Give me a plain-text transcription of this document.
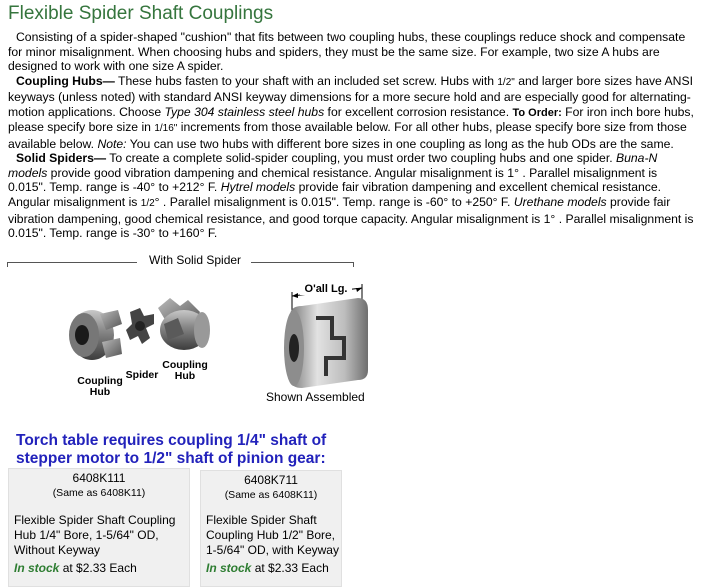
Flexible Spider Shaft Couplings

Consisting of a spider-shaped "cushion" that fits between two coupling hubs, these couplings reduce shock and compensate for minor misalignment. When choosing hubs and spiders, they must be the same size. For example, two size A hubs are designed to work with one size A spider.

Coupling Hubs— These hubs fasten to your shaft with an included set screw. Hubs with 1/2" and larger bore sizes have ANSI keyways (unless noted) with standard ANSI keyway dimensions for a more secure hold and are especially good for alternating-motion applications. Choose Type 304 stainless steel hubs for excellent corrosion resistance. To Order: For iron inch bore hubs, please specify bore size in 1/16" increments from those available below. For all other hubs, please specify bore size from those available below. Note: You can use two hubs with different bore sizes in one coupling as long as the hub ODs are the same.

Solid Spiders— To create a complete solid-spider coupling, you must order two coupling hubs and one spider. Buna-N models provide good vibration dampening and chemical resistance. Angular misalignment is 1° . Parallel misalignment is 0.015". Temp. range is -40° to +212° F. Hytrel models provide fair vibration dampening and excellent chemical resistance. Angular misalignment is 1/2° . Parallel misalignment is 0.015". Temp. range is -60° to +250° F. Urethane models provide fair vibration dampening, good chemical resistance, and good torque capacity. Angular misalignment is 1° . Parallel misalignment is 0.015". Temp. range is -30° to +160° F.

With Solid Spider
Coupling Hub
Spider
Coupling Hub
O'all Lg.
Shown Assembled
Torch table requires coupling 1/4" shaft of
stepper motor to 1/2" shaft of pinion gear:
6408K111
(Same as 6408K11)
Flexible Spider Shaft Coupling Hub 1/4" Bore, 1-5/64" OD, Without Keyway
In stock at $2.33 Each
6408K711
(Same as 6408K11)
Flexible Spider Shaft Coupling Hub 1/2" Bore, 1-5/64" OD, with Keyway
In stock at $2.33 Each
